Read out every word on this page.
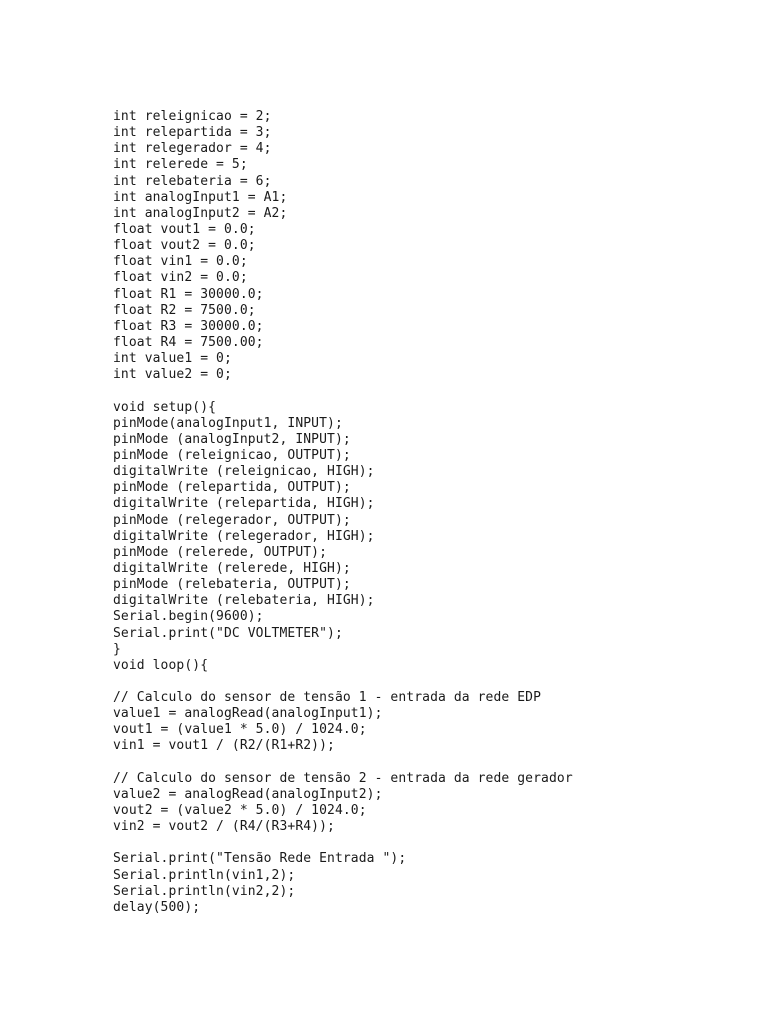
int releignicao = 2;
int relepartida = 3;
int relegerador = 4;
int relerede = 5;
int relebateria = 6;
int analogInput1 = A1;
int analogInput2 = A2;
float vout1 = 0.0;
float vout2 = 0.0;
float vin1 = 0.0;
float vin2 = 0.0;
float R1 = 30000.0;
float R2 = 7500.0;
float R3 = 30000.0;
float R4 = 7500.00;
int value1 = 0;
int value2 = 0;

void setup(){
pinMode(analogInput1, INPUT);
pinMode (analogInput2, INPUT);
pinMode (releignicao, OUTPUT);
digitalWrite (releignicao, HIGH);
pinMode (relepartida, OUTPUT);
digitalWrite (relepartida, HIGH);
pinMode (relegerador, OUTPUT);
digitalWrite (relegerador, HIGH);
pinMode (relerede, OUTPUT);
digitalWrite (relerede, HIGH);
pinMode (relebateria, OUTPUT);
digitalWrite (relebateria, HIGH);
Serial.begin(9600);
Serial.print("DC VOLTMETER");
}
void loop(){

// Calculo do sensor de tensão 1 - entrada da rede EDP
value1 = analogRead(analogInput1);
vout1 = (value1 * 5.0) / 1024.0;
vin1 = vout1 / (R2/(R1+R2));

// Calculo do sensor de tensão 2 - entrada da rede gerador
value2 = analogRead(analogInput2);
vout2 = (value2 * 5.0) / 1024.0;
vin2 = vout2 / (R4/(R3+R4));

Serial.print("Tensão Rede Entrada ");
Serial.println(vin1,2);
Serial.println(vin2,2);
delay(500);
